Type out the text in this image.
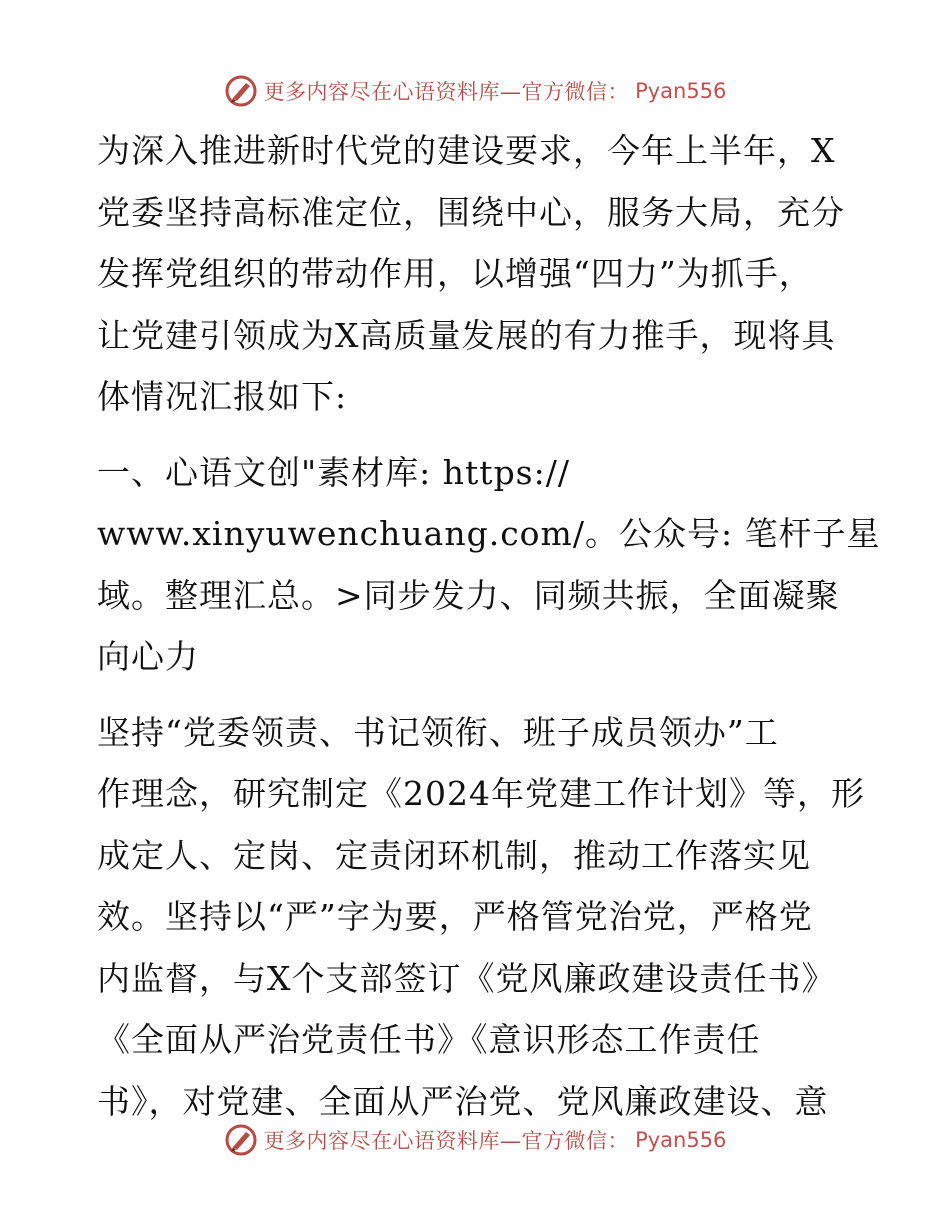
更多内容尽在心语资料库—官方微信： Pyan556

为深入推进新时代党的建设要求，今年上半年，X
党委坚持高标准定位，围绕中心，服务大局，充分
发挥党组织的带动作用，以增强“四力”为抓手，
让党建引领成为X高质量发展的有力推手，现将具
体情况汇报如下:

一、心语文创"素材库: https://
www.xinyuwenchuang.com/。公众号: 笔杆子星
域。整理汇总。>同步发力、同频共振，全面凝聚
向心力

坚持“党委领责、书记领衔、班子成员领办”工
作理念，研究制定《2024年党建工作计划》等，形
成定人、定岗、定责闭环机制，推动工作落实见
效。坚持以“严”字为要，严格管党治党，严格党
内监督，与X个支部签订《党风廉政建设责任书》
《全面从严治党责任书》《意识形态工作责任
书》，对党建、全面从严治党、党风廉政建设、意

更多内容尽在心语资料库—官方微信： Pyan556
